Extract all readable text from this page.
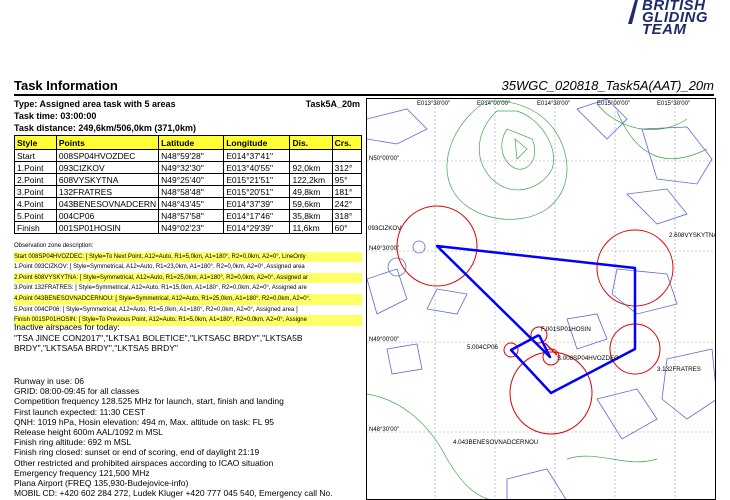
BRITISH
GLIDING
TEAM
Task Information	35WGC_020818_Task5A(AAT)_20m
Type: Assigned area task with 5 areas	Task5A_20m
Task time: 03:00:00
Task distance: 249,6km/506,0km (371,0km)
Style	Points	Latitude	Longitude	Dis.	Crs.
Start	008SP04HVOZDEC	N48°59'28"	E014°37'41"		
1.Point	093CIZKOV	N49°32'30"	E013°40'55"	92,0km	312°
2.Point	608VYSKYTNA	N49°25'40"	E015°21'51"	122,2km	95°
3.Point	132FRATRES	N48°58'48"	E015°20'51"	49,8km	181°
4.Point	043BENESOVNADCERN	N48°43'45"	E014°37'39"	59,6km	242°
5.Point	004CP06	N48°57'58"	E014°17'46"	35,8km	318°
Finish	001SP01HOSIN	N49°02'23"	E014°29'39"	11,6km	60°
Observation zone description:
Start 008SP04HVOZDEC: [ Style=To Next Point, A12=Auto, R1=5,0km, A1=180°, R2=0,0km, A2=0°, LineOnly
1.Point 093CIZKOV: [ Style=Symmetrical, A12=Auto, R1=23,0km, A1=180°, R2=0,0km, A2=0°, Assigned area
2.Point 608VYSKYTNA: [ Style=Symmetrical, A12=Auto, R1=25,0km, A1=180°, R2=0,0km, A2=0°, Assigned ar
3.Point 132FRATRES: [ Style=Symmetrical, A12=Auto, R1=15,0km, A1=180°, R2=0,0km, A2=0°, Assigned are
4.Point 043BENESOVNADCERNOU: [ Style=Symmetrical, A12=Auto, R1=25,0km, A1=180°, R2=0,0km, A2=0°,
5.Point 004CP06: [ Style=Symmetrical, A12=Auto, R1=5,0km, A1=180°, R2=0,0km, A2=0°, Assigned area ]
Finish 001SP01HOSIN: [ Style=To Previous Point, A12=Auto, R1=5,0km, A1=180°, R2=0,0km, A2=0°, Assigne
Inactive airspaces for today:
"TSA JINCE CON2017","LKTSA1 BOLETICE","LKTSA5C BRDY","LKTSA5B
BRDY","LKTSA5A BRDY","LKTSA5 BRDY"
Runway in use: 06
GRID: 08:00-09:45 for all classes
Competition frequency 128.525 MHz for launch, start, finish and landing
First launch expected: 11:30 CEST
QNH: 1019 hPa, Hosin elevation: 494 m, Max. altitude on task: FL 95
Release height 600m AAL/1092 m MSL
Finish ring altitude: 692 m MSL
Finish ring closed: sunset or end of scoring, end of daylight 21:19
Other restricted and prohibited airspaces according to ICAO situation
Emergency frequency 121,500 MHz
Plana Airport (FREQ 135,930-Budejovice-info)
MOBIL CD: +420 602 284 272, Ludek Kluger +420 777 045 540, Emergency call No.
E013°30'00"	E014°00'00"	E014°30'00"	E015°00'00"	E015°30'00"
N50°00'00"
N49°30'00"
N49°00'00"
N48°30'00"
093CIZKOV
2.608VYSKYTNA
F.001SP01HOSIN
5.004CP06
S.008SP04HVOZDEC
3.132FRATRES
4.043BENESOVNADCERNOU
